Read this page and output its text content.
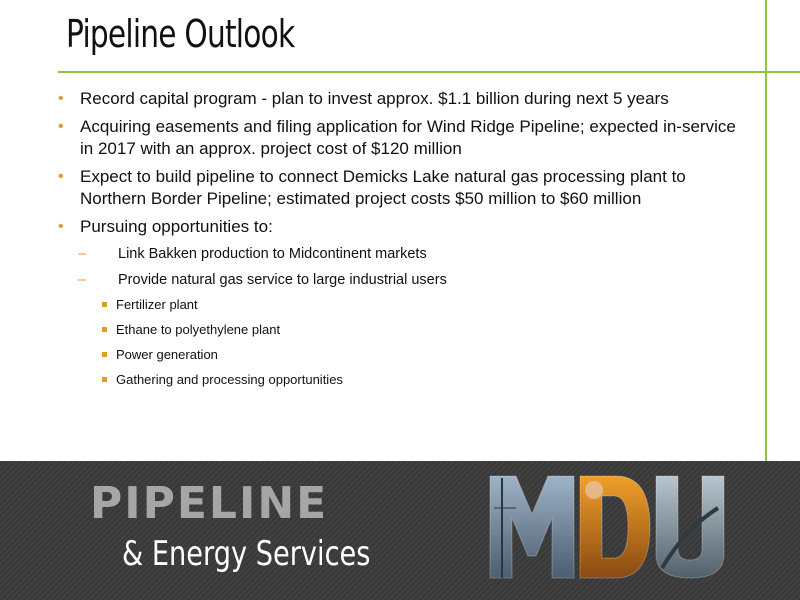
Pipeline Outlook
• Record capital program - plan to invest approx. $1.1 billion during next 5 years
• Acquiring easements and filing application for Wind Ridge Pipeline; expected in-service in 2017 with an approx. project cost of $120 million
• Expect to build pipeline to connect Demicks Lake natural gas processing plant to Northern Border Pipeline; estimated project costs $50 million to $60 million
• Pursuing opportunities to:
– Link Bakken production to Midcontinent markets
– Provide natural gas service to large industrial users
Fertilizer plant
Ethane to polyethylene plant
Power generation
Gathering and processing opportunities
PIPELINE
& Energy Services
